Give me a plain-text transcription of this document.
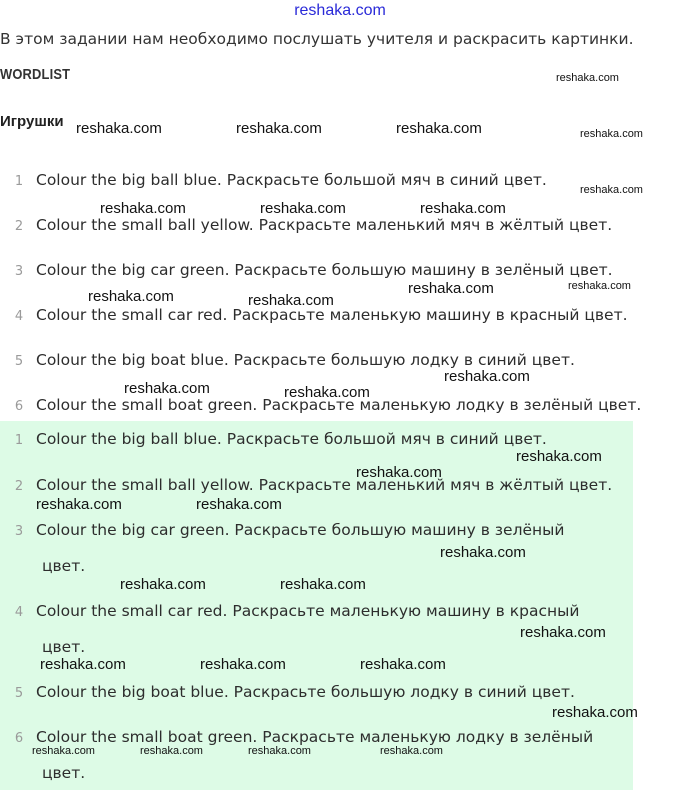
reshaka.com
В этом задании нам необходимо послушать учителя и раскрасить картинки.
WORDLIST
Игрушки
1 Colour the big ball blue. Раскрасьте большой мяч в синий цвет.
2 Colour the small ball yellow. Раскрасьте маленький мяч в жёлтый цвет.
3 Colour the big car green. Раскрасьте большую машину в зелёный цвет.
4 Colour the small car red. Раскрасьте маленькую машину в красный цвет.
5 Colour the big boat blue. Раскрасьте большую лодку в синий цвет.
6 Colour the small boat green. Раскрасьте маленькую лодку в зелёный цвет.
1 Colour the big ball blue. Раскрасьте большой мяч в синий цвет.
2 Colour the small ball yellow. Раскрасьте маленький мяч в жёлтый цвет.
3 Colour the big car green. Раскрасьте большую машину в зелёный
цвет.
4 Colour the small car red. Раскрасьте маленькую машину в красный
цвет.
5 Colour the big boat blue. Раскрасьте большую лодку в синий цвет.
6 Colour the small boat green. Раскрасьте маленькую лодку в зелёный
цвет.
reshaka.com
reshaka.com	reshaka.com	reshaka.com	reshaka.com
reshaka.com
reshaka.com	reshaka.com	reshaka.com
reshaka.com
reshaka.com
reshaka.com	reshaka.com
reshaka.com
reshaka.com	reshaka.com
reshaka.com
reshaka.com
reshaka.com	reshaka.com
reshaka.com
reshaka.com	reshaka.com
reshaka.com
reshaka.com	reshaka.com	reshaka.com
reshaka.com
reshaka.com	reshaka.com	reshaka.com	reshaka.com
